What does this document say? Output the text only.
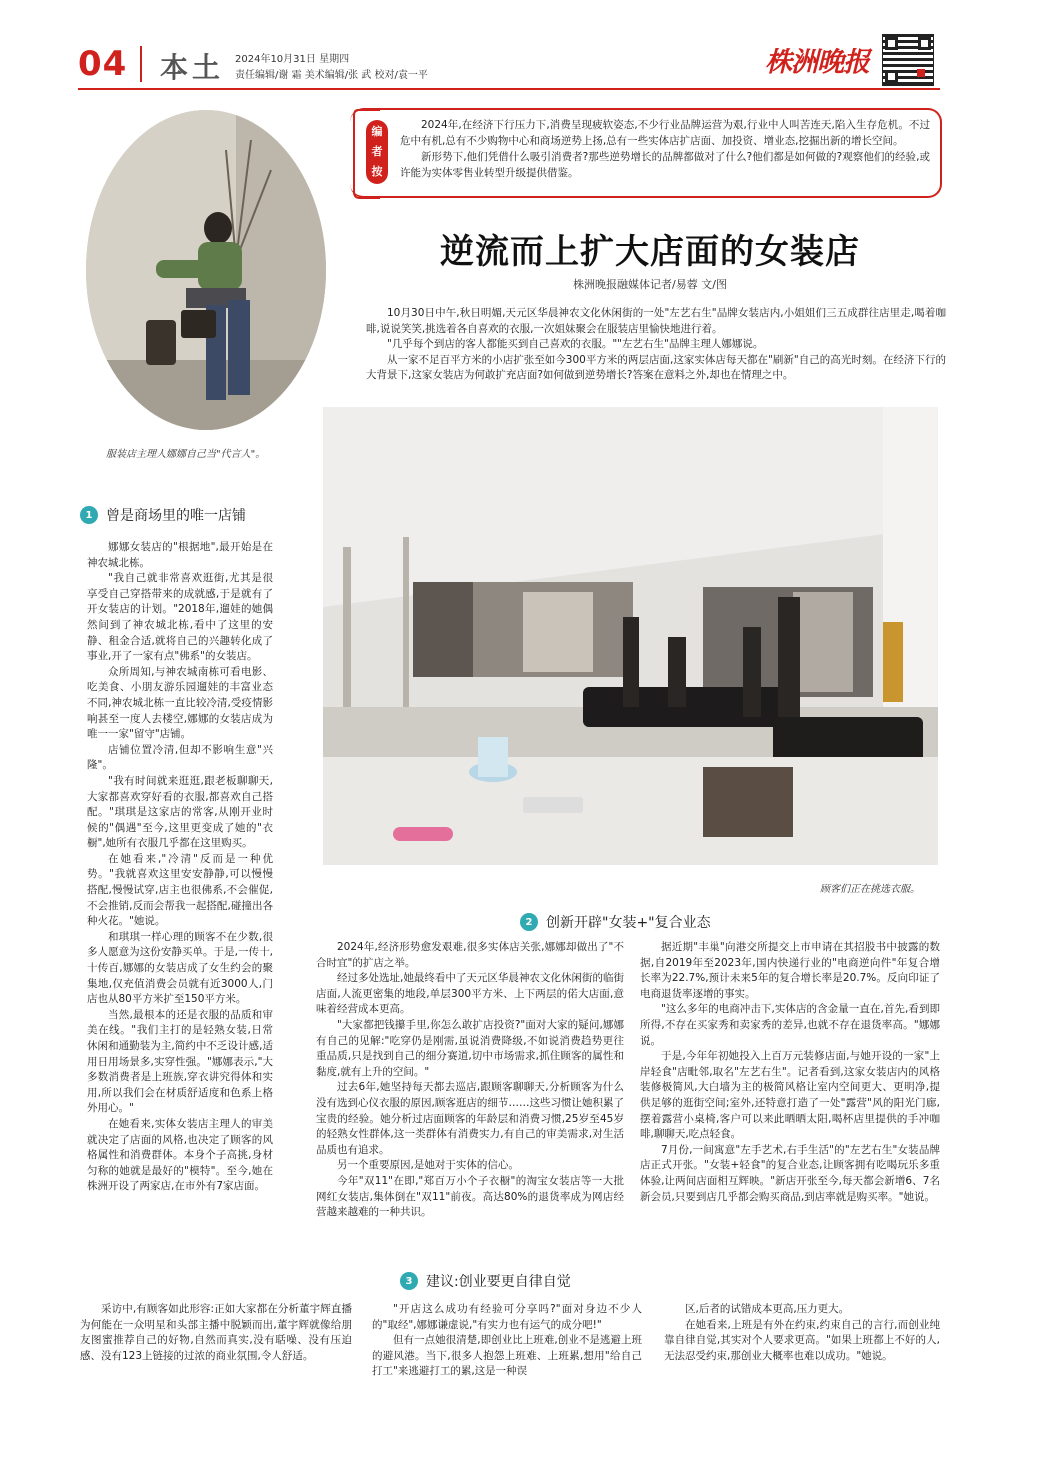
04 本土 2024年10月31日 星期四
责任编辑/谢 霜 美术编辑/张 武 校对/袁一平	株洲晚报
编
者
按

2024年,在经济下行压力下,消费呈现疲软姿态,不少行业品牌运营为艰,行业中人叫苦连天,陷入生存危机。不过危中有机,总有不少购物中心和商场逆势上扬,总有一些实体店扩店面、加投资、增业态,挖掘出新的增长空间。

新形势下,他们凭借什么吸引消费者?那些逆势增长的品牌都做对了什么?他们都是如何做的?观察他们的经验,或许能为实体零售业转型升级提供借鉴。

逆流而上扩大店面的女装店
株洲晚报融媒体记者/易蓉 文/图

10月30日中午,秋日明媚,天元区华晨神农文化休闲街的一处"左艺右生"品牌女装店内,小姐姐们三五成群往店里走,喝着咖啡,说说笑笑,挑选着各自喜欢的衣服,一次姐妹聚会在服装店里愉快地进行着。

"几乎每个到店的客人都能买到自己喜欢的衣服。""左艺右生"品牌主理人娜娜说。

从一家不足百平方米的小店扩张至如今300平方米的两层店面,这家实体店每天都在"刷新"自己的高光时刻。在经济下行的大背景下,这家女装店为何敢扩充店面?如何做到逆势增长?答案在意料之外,却也在情理之中。

服装店主理人娜娜自己当"代言人"。
顾客们正在挑选衣服。
1 曾是商场里的唯一店铺

娜娜女装店的"根据地",最开始是在神农城北栋。

"我自己就非常喜欢逛街,尤其是很享受自己穿搭带来的成就感,于是就有了开女装店的计划。"2018年,遛娃的她偶然间到了神农城北栋,看中了这里的安静、租金合适,就将自己的兴趣转化成了事业,开了一家有点"佛系"的女装店。

众所周知,与神农城南栋可看电影、吃美食、小朋友游乐园遛娃的丰富业态不同,神农城北栋一直比较冷清,受疫情影响甚至一度人去楼空,娜娜的女装店成为唯一一家"留守"店铺。

店铺位置冷清,但却不影响生意"兴隆"。

"我有时间就来逛逛,跟老板聊聊天,大家都喜欢穿好看的衣服,都喜欢自己搭配。"琪琪是这家店的常客,从刚开业时候的"偶遇"至今,这里更变成了她的"衣橱",她所有衣服几乎都在这里购买。

在她看来,"冷清"反而是一种优势。"我就喜欢这里安安静静,可以慢慢搭配,慢慢试穿,店主也很佛系,不会催促,不会推销,反而会帮我一起搭配,碰撞出各种火花。"她说。

和琪琪一样心理的顾客不在少数,很多人愿意为这份安静买单。于是,一传十,十传百,娜娜的女装店成了女生约会的聚集地,仅充值消费会员就有近3000人,门店也从80平方米扩至150平方米。

当然,最根本的还是衣服的品质和审美在线。"我们主打的是轻熟女装,日常休闲和通勤装为主,简约中不乏设计感,适用日用场景多,实穿性强。"娜娜表示,"大多数消费者是上班族,穿衣讲究得体和实用,所以我们会在材质舒适度和色系上格外用心。"

在她看来,实体女装店主理人的审美就决定了店面的风格,也决定了顾客的风格属性和消费群体。本身个子高挑,身材匀称的她就是最好的"模特"。至今,她在株洲开设了两家店,在市外有7家店面。

2 创新开辟"女装+"复合业态

2024年,经济形势愈发艰难,很多实体店关张,娜娜却做出了"不合时宜"的扩店之举。

经过多处选址,她最终看中了天元区华晨神农文化休闲街的临街店面,人流更密集的地段,单层300平方米、上下两层的偌大店面,意味着经营成本更高。

"大家都把钱攥手里,你怎么敢扩店投资?"面对大家的疑问,娜娜有自己的见解:"吃穿仍是刚需,虽说消费降级,不如说消费趋势更往重品质,只是找到自己的细分赛道,切中市场需求,抓住顾客的属性和黏度,就有上升的空间。"

过去6年,她坚持每天都去巡店,跟顾客聊聊天,分析顾客为什么没有选到心仪衣服的原因,顾客逛店的细节……这些习惯让她积累了宝贵的经验。她分析过店面顾客的年龄层和消费习惯,25岁至45岁的轻熟女性群体,这一类群体有消费实力,有自己的审美需求,对生活品质也有追求。

另一个重要原因,是她对于实体的信心。

今年"双11"在即,"郑百万小个子衣橱"的淘宝女装店等一大批网红女装店,集体倒在"双11"前夜。高达80%的退货率成为网店经营越来越难的一种共识。

据近期"丰巢"向港交所提交上市申请在其招股书中披露的数据,自2019年至2023年,国内快递行业的"电商逆向件"年复合增长率为22.7%,预计未来5年的复合增长率是20.7%。反向印证了电商退货率逐增的事实。

"这么多年的电商冲击下,实体店的含金量一直在,首先,看到即所得,不存在买家秀和卖家秀的差异,也就不存在退货率高。"娜娜说。

于是,今年年初她投入上百万元装修店面,与她开设的一家"上岸轻食"店毗邻,取名"左艺右生"。记者看到,这家女装店内的风格装修极简风,大白墙为主的极简风格让室内空间更大、更明净,提供足够的逛街空间;室外,还特意打造了一处"露营"风的阳光门廊,摆着露营小桌椅,客户可以来此晒晒太阳,喝杯店里提供的手冲咖啡,聊聊天,吃点轻食。

7月份,一间寓意"左手艺术,右手生活"的"左艺右生"女装品牌店正式开张。"女装+轻食"的复合业态,让顾客拥有吃喝玩乐多重体验,让两间店面相互辉映。"新店开张至今,每天都会新增6、7名新会员,只要到店几乎都会购买商品,到店率就是购买率。"她说。

3 建议:创业要更自律自觉

采访中,有顾客如此形容:正如大家都在分析董宇辉直播为何能在一众明星和头部主播中脱颖而出,董宇辉就像给朋友图蜜推荐自己的好物,自然而真实,没有聒噪、没有压迫感、没有123上链接的过浓的商业氛围,令人舒适。

"开店这么成功有经验可分享吗?"面对身边不少人的"取经",娜娜谦虚说,"有实力也有运气的成分吧!"

但有一点她很清楚,即创业比上班难,创业不是逃避上班的避风港。当下,很多人抱怨上班难、上班累,想用"给自己打工"来逃避打工的累,这是一种误

区,后者的试错成本更高,压力更大。

在她看来,上班是有外在约束,约束自己的言行,而创业纯靠自律自觉,其实对个人要求更高。"如果上班都上不好的人,无法忍受约束,那创业大概率也难以成功。"她说。
